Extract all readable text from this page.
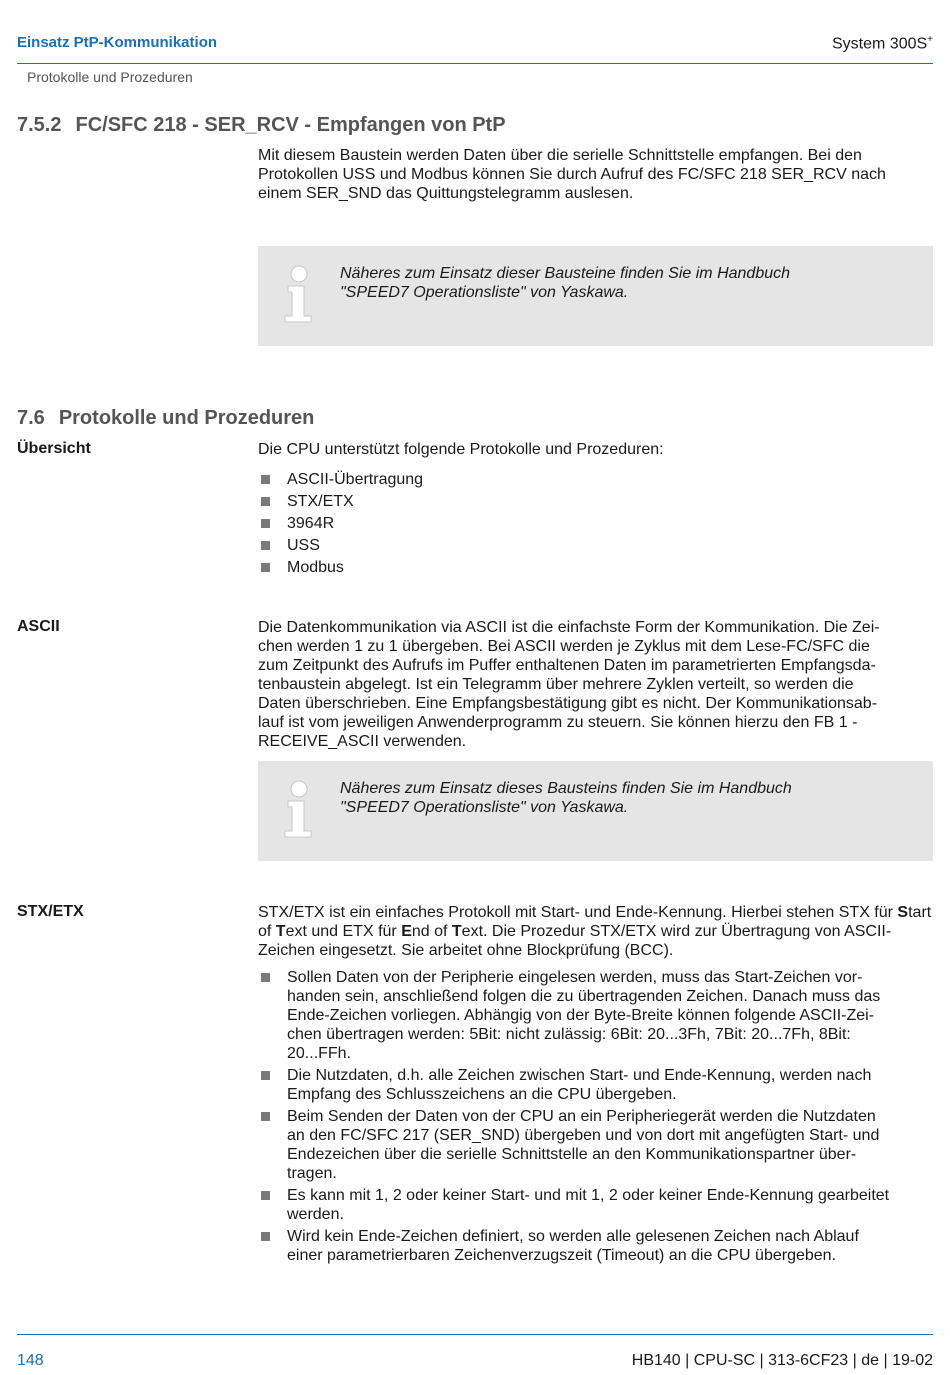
Einsatz PtP-Kommunikation	System 300S+
Protokolle und Prozeduren
7.5.2 FC/SFC 218 - SER_RCV - Empfangen von PtP
Mit diesem Baustein werden Daten über die serielle Schnittstelle empfangen. Bei den Protokollen USS und Modbus können Sie durch Aufruf des FC/SFC 218 SER_RCV nach einem SER_SND das Quittungstelegramm auslesen.
Näheres zum Einsatz dieser Bausteine finden Sie im Handbuch
"SPEED7 Operationsliste" von Yaskawa.
7.6 Protokolle und Prozeduren
Übersicht	Die CPU unterstützt folgende Protokolle und Prozeduren:
ASCII-Übertragung
STX/ETX
3964R
USS
Modbus
ASCII	Die Datenkommunikation via ASCII ist die einfachste Form der Kommunikation. Die Zei-
chen werden 1 zu 1 übergeben. Bei ASCII werden je Zyklus mit dem Lese-FC/SFC die
zum Zeitpunkt des Aufrufs im Puffer enthaltenen Daten im parametrierten Empfangsda-
tenbaustein abgelegt. Ist ein Telegramm über mehrere Zyklen verteilt, so werden die
Daten überschrieben. Eine Empfangsbestätigung gibt es nicht. Der Kommunikationsab-
lauf ist vom jeweiligen Anwenderprogramm zu steuern. Sie können hierzu den FB 1 -
RECEIVE_ASCII verwenden.
Näheres zum Einsatz dieses Bausteins finden Sie im Handbuch
"SPEED7 Operationsliste" von Yaskawa.
STX/ETX	STX/ETX ist ein einfaches Protokoll mit Start- und Ende-Kennung. Hierbei stehen STX für Start of Text und ETX für End of Text. Die Prozedur STX/ETX wird zur Übertragung von ASCII-Zeichen eingesetzt. Sie arbeitet ohne Blockprüfung (BCC).
Sollen Daten von der Peripherie eingelesen werden, muss das Start-Zeichen vor-
handen sein, anschließend folgen die zu übertragenden Zeichen. Danach muss das
Ende-Zeichen vorliegen. Abhängig von der Byte-Breite können folgende ASCII-Zei-
chen übertragen werden: 5Bit: nicht zulässig: 6Bit: 20...3Fh, 7Bit: 20...7Fh, 8Bit:
20...FFh.
Die Nutzdaten, d.h. alle Zeichen zwischen Start- und Ende-Kennung, werden nach
Empfang des Schlusszeichens an die CPU übergeben.
Beim Senden der Daten von der CPU an ein Peripheriegerät werden die Nutzdaten
an den FC/SFC 217 (SER_SND) übergeben und von dort mit angefügten Start- und
Endezeichen über die serielle Schnittstelle an den Kommunikationspartner über-
tragen.
Es kann mit 1, 2 oder keiner Start- und mit 1, 2 oder keiner Ende-Kennung gearbeitet
werden.
Wird kein Ende-Zeichen definiert, so werden alle gelesenen Zeichen nach Ablauf
einer parametrierbaren Zeichenverzugszeit (Timeout) an die CPU übergeben.
148	HB140 | CPU-SC | 313-6CF23 | de | 19-02
